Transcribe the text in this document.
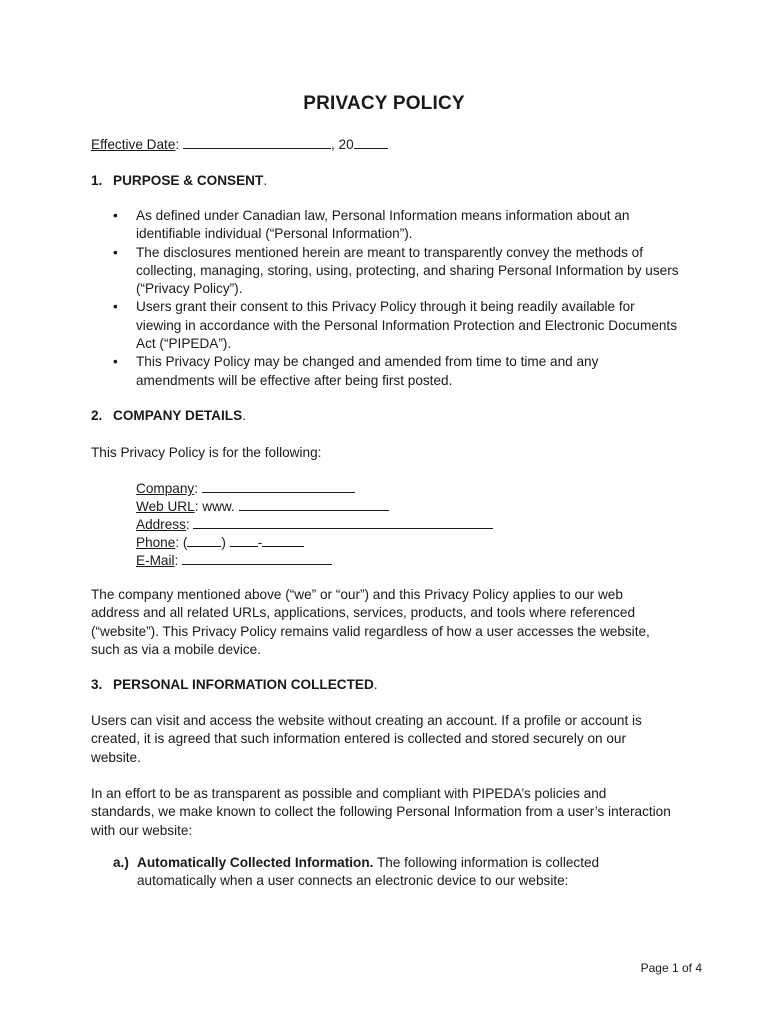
PRIVACY POLICY
Effective Date:	, 20
1. PURPOSE & CONSENT.
• As defined under Canadian law, Personal Information means information about an identifiable individual (“Personal Information”).
• The disclosures mentioned herein are meant to transparently convey the methods of collecting, managing, storing, using, protecting, and sharing Personal Information by users (“Privacy Policy”).
• Users grant their consent to this Privacy Policy through it being readily available for viewing in accordance with the Personal Information Protection and Electronic Documents Act (“PIPEDA”).
• This Privacy Policy may be changed and amended from time to time and any amendments will be effective after being first posted.
2. COMPANY DETAILS.
This Privacy Policy is for the following:
Company:
Web URL: www.
Address:
Phone: (	) -
E-Mail:
The company mentioned above (“we” or “our”) and this Privacy Policy applies to our web address and all related URLs, applications, services, products, and tools where referenced (“website”). This Privacy Policy remains valid regardless of how a user accesses the website, such as via a mobile device.
3. PERSONAL INFORMATION COLLECTED.
Users can visit and access the website without creating an account. If a profile or account is created, it is agreed that such information entered is collected and stored securely on our website.
In an effort to be as transparent as possible and compliant with PIPEDA’s policies and standards, we make known to collect the following Personal Information from a user’s interaction with our website:
a.) Automatically Collected Information. The following information is collected
automatically when a user connects an electronic device to our website:
Page 1 of 4
